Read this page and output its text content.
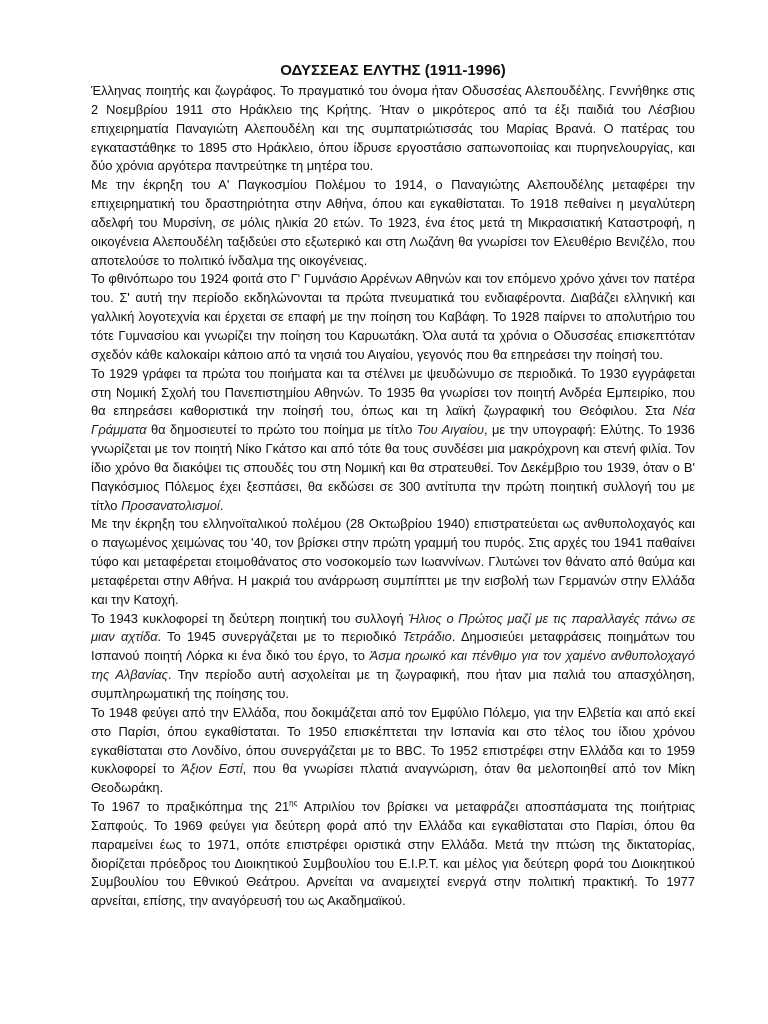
ΟΔΥΣΣΕΑΣ ΕΛΥΤΗΣ (1911-1996)

Έλληνας ποιητής και ζωγράφος. Το πραγματικό του όνομα ήταν Οδυσσέας Αλεπουδέλης. Γεννήθηκε στις 2 Νοεμβρίου 1911 στο Ηράκλειο της Κρήτης. Ήταν ο μικρότερος από τα έξι παιδιά του Λέσβιου επιχειρηματία Παναγιώτη Αλεπουδέλη και της συμπατριώτισσάς του Μαρίας Βρανά. Ο πατέρας του εγκαταστάθηκε το 1895 στο Ηράκλειο, όπου ίδρυσε εργοστάσιο σαπωνοποιίας και πυρηνελουργίας, και δύο χρόνια αργότερα παντρεύτηκε τη μητέρα του.

Με την έκρηξη του Α' Παγκοσμίου Πολέμου το 1914, ο Παναγιώτης Αλεπουδέλης μεταφέρει την επιχειρηματική του δραστηριότητα στην Αθήνα, όπου και εγκαθίσταται. Το 1918 πεθαίνει η μεγαλύτερη αδελφή του Μυρσίνη, σε μόλις ηλικία 20 ετών. Το 1923, ένα έτος μετά τη Μικρασιατική Καταστροφή, η οικογένεια Αλεπουδέλη ταξιδεύει στο εξωτερικό και στη Λωζάνη θα γνωρίσει τον Ελευθέριο Βενιζέλο, που αποτελούσε το πολιτικό ίνδαλμα της οικογένειας.

Το φθινόπωρο του 1924 φοιτά στο Γ' Γυμνάσιο Αρρένων Αθηνών και τον επόμενο χρόνο χάνει τον πατέρα του. Σ' αυτή την περίοδο εκδηλώνονται τα πρώτα πνευματικά του ενδιαφέροντα. Διαβάζει ελληνική και γαλλική λογοτεχνία και έρχεται σε επαφή με την ποίηση του Καβάφη. Το 1928 παίρνει το απολυτήριο του τότε Γυμνασίου και γνωρίζει την ποίηση του Καρυωτάκη. Όλα αυτά τα χρόνια ο Οδυσσέας επισκεπτόταν σχεδόν κάθε καλοκαίρι κάποιο από τα νησιά του Αιγαίου, γεγονός που θα επηρεάσει την ποίησή του.

Το 1929 γράφει τα πρώτα του ποιήματα και τα στέλνει με ψευδώνυμο σε περιοδικά. Το 1930 εγγράφεται στη Νομική Σχολή του Πανεπιστημίου Αθηνών. Το 1935 θα γνωρίσει τον ποιητή Ανδρέα Εμπειρίκο, που θα επηρεάσει καθοριστικά την ποίησή του, όπως και τη λαϊκή ζωγραφική του Θεόφιλου. Στα Νέα Γράμματα θα δημοσιευτεί το πρώτο του ποίημα με τίτλο Του Αιγαίου, με την υπογραφή: Ελύτης. Το 1936 γνωρίζεται με τον ποιητή Νίκο Γκάτσο και από τότε θα τους συνδέσει μια μακρόχρονη και στενή φιλία. Τον ίδιο χρόνο θα διακόψει τις σπουδές του στη Νομική και θα στρατευθεί. Τον Δεκέμβριο του 1939, όταν ο Β' Παγκόσμιος Πόλεμος έχει ξεσπάσει, θα εκδώσει σε 300 αντίτυπα την πρώτη ποιητική συλλογή του με τίτλο Προσανατολισμοί.

Με την έκρηξη του ελληνοϊταλικού πολέμου (28 Οκτωβρίου 1940) επιστρατεύεται ως ανθυπολοχαγός και ο παγωμένος χειμώνας του '40, τον βρίσκει στην πρώτη γραμμή του πυρός. Στις αρχές του 1941 παθαίνει τύφο και μεταφέρεται ετοιμοθάνατος στο νοσοκομείο των Ιωαννίνων. Γλυτώνει τον θάνατο από θαύμα και μεταφέρεται στην Αθήνα. Η μακριά του ανάρρωση συμπίπτει με την εισβολή των Γερμανών στην Ελλάδα και την Κατοχή.

Το 1943 κυκλοφορεί τη δεύτερη ποιητική του συλλογή Ήλιος ο Πρώτος μαζί με τις παραλλαγές πάνω σε μιαν αχτίδα. Το 1945 συνεργάζεται με το περιοδικό Τετράδιο. Δημοσιεύει μεταφράσεις ποιημάτων του Ισπανού ποιητή Λόρκα κι ένα δικό του έργο, το Άσμα ηρωικό και πένθιμο για τον χαμένο ανθυπολοχαγό της Αλβανίας. Την περίοδο αυτή ασχολείται με τη ζωγραφική, που ήταν μια παλιά του απασχόληση, συμπληρωματική της ποίησης του.

Το 1948 φεύγει από την Ελλάδα, που δοκιμάζεται από τον Εμφύλιο Πόλεμο, για την Ελβετία και από εκεί στο Παρίσι, όπου εγκαθίσταται. Το 1950 επισκέπτεται την Ισπανία και στο τέλος του ίδιου χρόνου εγκαθίσταται στο Λονδίνο, όπου συνεργάζεται με το BBC. Το 1952 επιστρέφει στην Ελλάδα και το 1959 κυκλοφορεί το Άξιον Εστί, που θα γνωρίσει πλατιά αναγνώριση, όταν θα μελοποιηθεί από τον Μίκη Θεοδωράκη.

Το 1967 το πραξικόπημα της $21^{\eta\varsigma}$ Απριλίου τον βρίσκει να μεταφράζει αποσπάσματα της ποιήτριας Σαπφούς. Το 1969 φεύγει για δεύτερη φορά από την Ελλάδα και εγκαθίσταται στο Παρίσι, όπου θα παραμείνει έως το 1971, οπότε επιστρέφει οριστικά στην Ελλάδα. Μετά την πτώση της δικτατορίας, διορίζεται πρόεδρος του Διοικητικού Συμβουλίου του Ε.Ι.Ρ.Τ. και μέλος για δεύτερη φορά του Διοικητικού Συμβουλίου του Εθνικού Θεάτρου. Αρνείται να αναμειχτεί ενεργά στην πολιτική πρακτική. Το 1977 αρνείται, επίσης, την αναγόρευσή του ως Ακαδημαϊκού.
